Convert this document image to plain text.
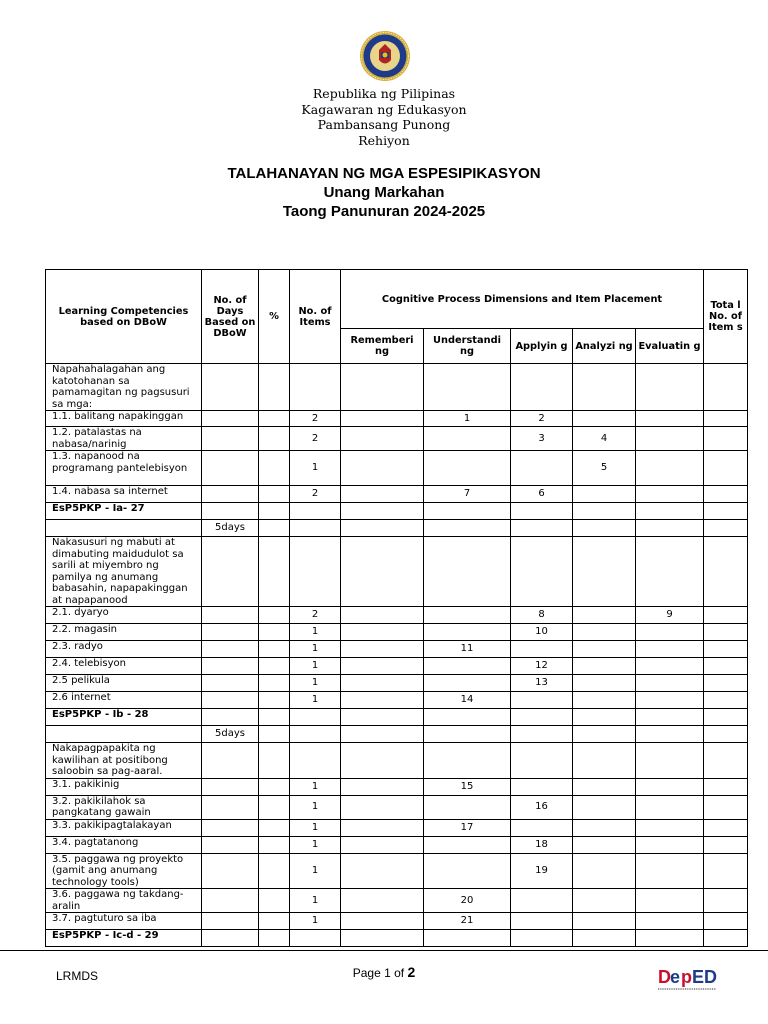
Republika ng Pilipinas
Kagawaran ng Edukasyon
Pambansang Punong
Rehiyon
TALAHANAYAN NG MGA ESPESIPIKASYON
Unang Markahan
Taong Panunuran 2024-2025
Learning Competencies based on DBoW	No. of Days Based on DBoW	%	No. of Items	Cognitive Process Dimensions and Item Placement					Tota l No. of Item s
				Rememberi ng	Understandi ng	Applyin g	Analyzi ng	Evaluatin g	
Napahahalagahan ang katotohanan sa pamamagitan ng pagsusuri sa mga:									
1.1. balitang napakinggan			2		1	2			
1.2. patalastas na nabasa/narinig			2			3	4		
1.3. napanood na programang pantelebisyon			1				5		
1.4. nabasa sa internet			2		7	6			
EsP5PKP - Ia- 27									
	5days								
Nakasusuri ng mabuti at dimabuting maidudulot sa sarili at miyembro ng pamilya ng anumang babasahin, napapakinggan at napapanood									
2.1. dyaryo			2			8		9	
2.2. magasin			1			10			
2.3. radyo			1		11				
2.4. telebisyon			1			12			
2.5 pelikula			1			13			
2.6 internet			1		14				
EsP5PKP - Ib - 28									
	5days								
Nakapagpapakita ng kawilihan at positibong saloobin sa pag-aaral.									
3.1. pakikinig			1		15				
3.2. pakikilahok sa pangkatang gawain			1			16			
3.3. pakikipagtalakayan			1		17				
3.4. pagtatanong			1			18			
3.5. paggawa ng proyekto (gamit ang anumang technology tools)			1			19			
3.6. paggawa ng takdang-aralin			1		20				
3.7. pagtuturo sa iba			1		21				
EsP5PKP - Ic-d - 29									
LRMDS	Page 1 of 2	D e p ED
